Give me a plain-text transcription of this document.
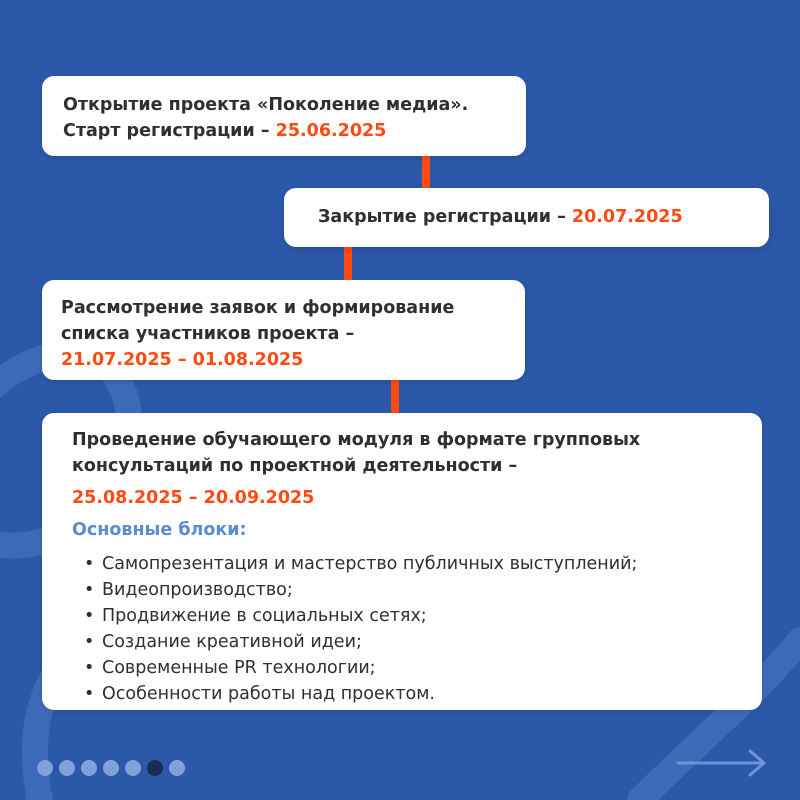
Открытие проекта «Поколение медиа».
Старт регистрации – 25.06.2025
Закрытие регистрации – 20.07.2025
Рассмотрение заявок и формирование
списка участников проекта –
21.07.2025 – 01.08.2025
Проведение обучающего модуля в формате групповых
консультаций по проектной деятельности –
25.08.2025 – 20.09.2025
Основные блоки:
• Самопрезентация и мастерство публичных выступлений;
• Видеопроизводство;
• Продвижение в социальных сетях;
• Создание креативной идеи;
• Современные PR технологии;
• Особенности работы над проектом.
